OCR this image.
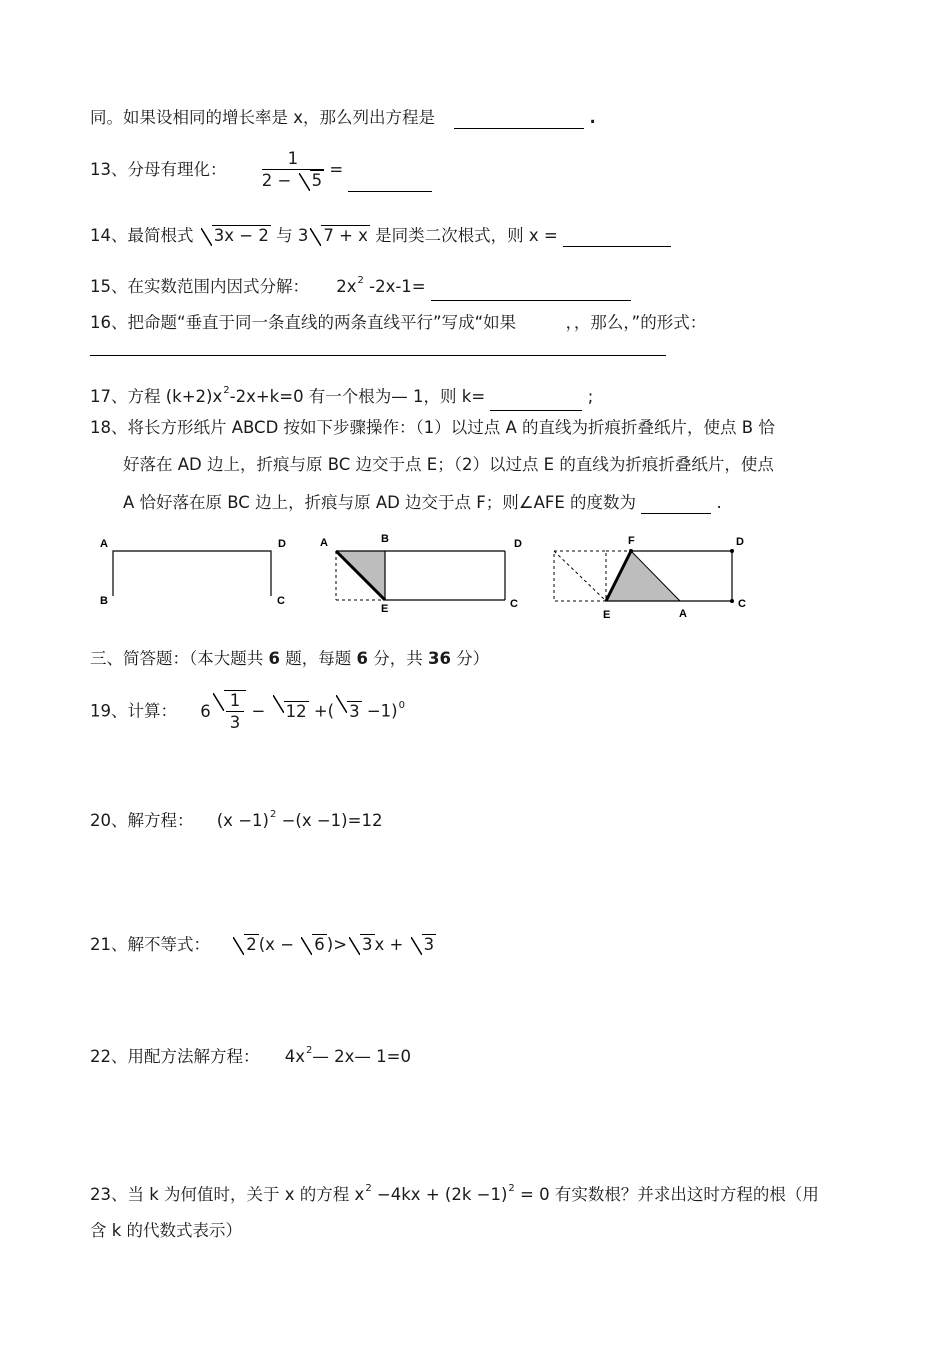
同。如果设相同的增长率是 x，那么列出方程是	.
13、分母有理化： $\frac{1}{2 - 5}$ =
14、最简根式 3x − 2 与 3 7 + x 是同类二次根式，则 x =
15、在实数范围内因式分解： $2x^2$ -2x-1=
16、把命题“垂直于同一条直线的两条直线平行”写成“如果　　　，，那么，”的形式：
17、方程 $(k+2)x^2-2x+k=0$ 有一个根为— 1，则 k=	;
18、将长方形纸片 ABCD 按如下步骤操作：（1）以过点 A 的直线为折痕折叠纸片，使点 B 恰
好落在 AD 边上，折痕与原 BC 边交于点 E；（2）以过点 E 的直线为折痕折叠纸片，使点
A 恰好落在原 BC 边上，折痕与原 AD 边交于点 F；则∠AFE 的度数为	.
A	D
B	C
A	B	D
E	C
F	D
E	A
C
三、简答题：（本大题共 6 题，每题 6 分，共 36 分）
19、计算： $6 \frac{1}{3} - 12$ +( 3 −1)$^0$
20、解方程： $(x -1)^2 -(x -1)=12$
21、解不等式： 2 (x − 6 )> 3 x + 3
22、用配方法解方程： $4x^2—$ 2x— 1=0
23、当 k 为何值时，关于 x 的方程 $x^2 -4kx + (2k -1)^2 = 0$ 有实数根？并求出这时方程的根（用
含 k 的代数式表示）
